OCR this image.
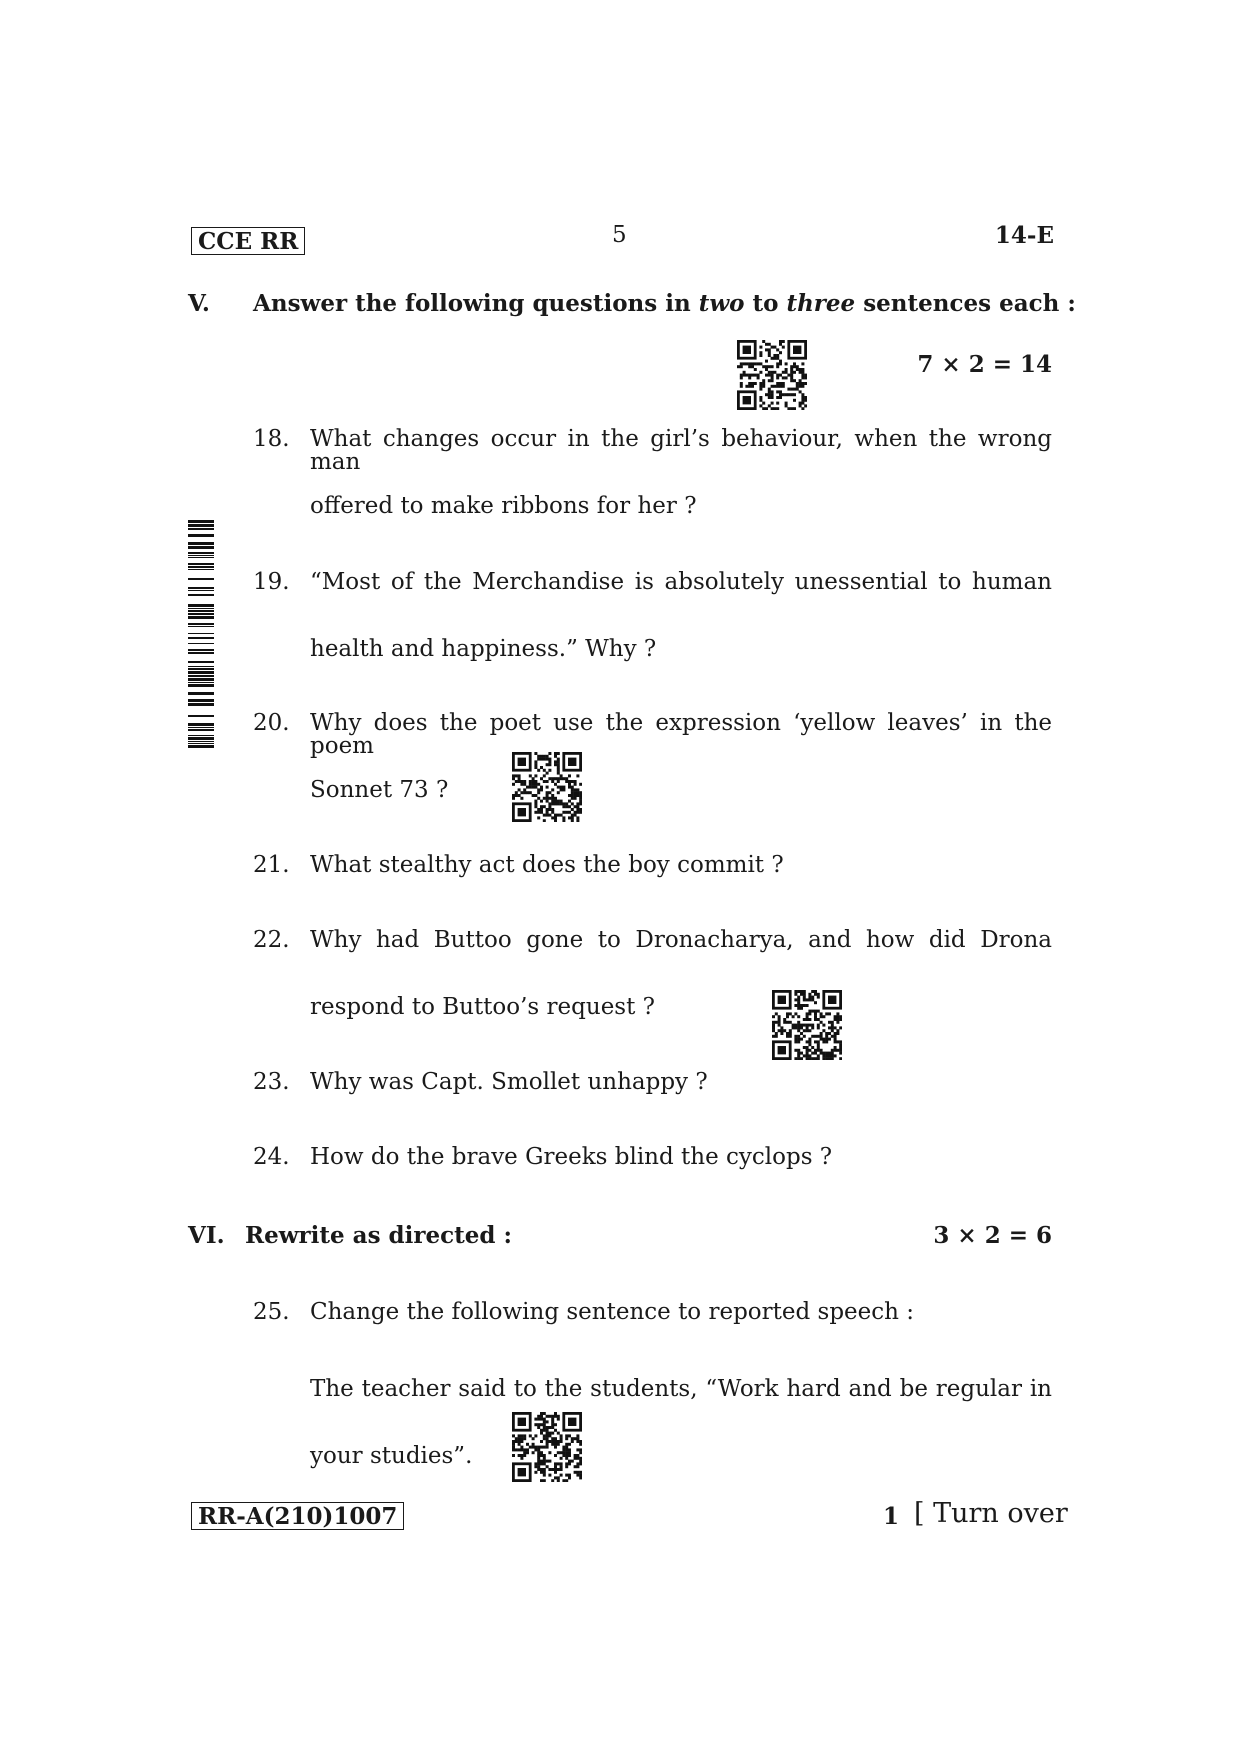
CCE RR	5	14-E
V. Answer the following questions in two to three sentences each :
7 × 2 = 14
18. What changes occur in the girl’s behaviour, when the wrong man
offered to make ribbons for her ?
19. “Most of the Merchandise is absolutely unessential to human
health and happiness.” Why ?
20. Why does the poet use the expression ‘yellow leaves’ in the poem
Sonnet 73 ?
21. What stealthy act does the boy commit ?
22. Why had Buttoo gone to Dronacharya, and how did Drona
respond to Buttoo’s request ?
23. Why was Capt. Smollet unhappy ?
24. How do the brave Greeks blind the cyclops ?
VI. Rewrite as directed :	3 × 2 = 6
25. Change the following sentence to reported speech :
The teacher said to the students, “Work hard and be regular in
your studies”.
RR-A(210)1007	1 [ Turn over
